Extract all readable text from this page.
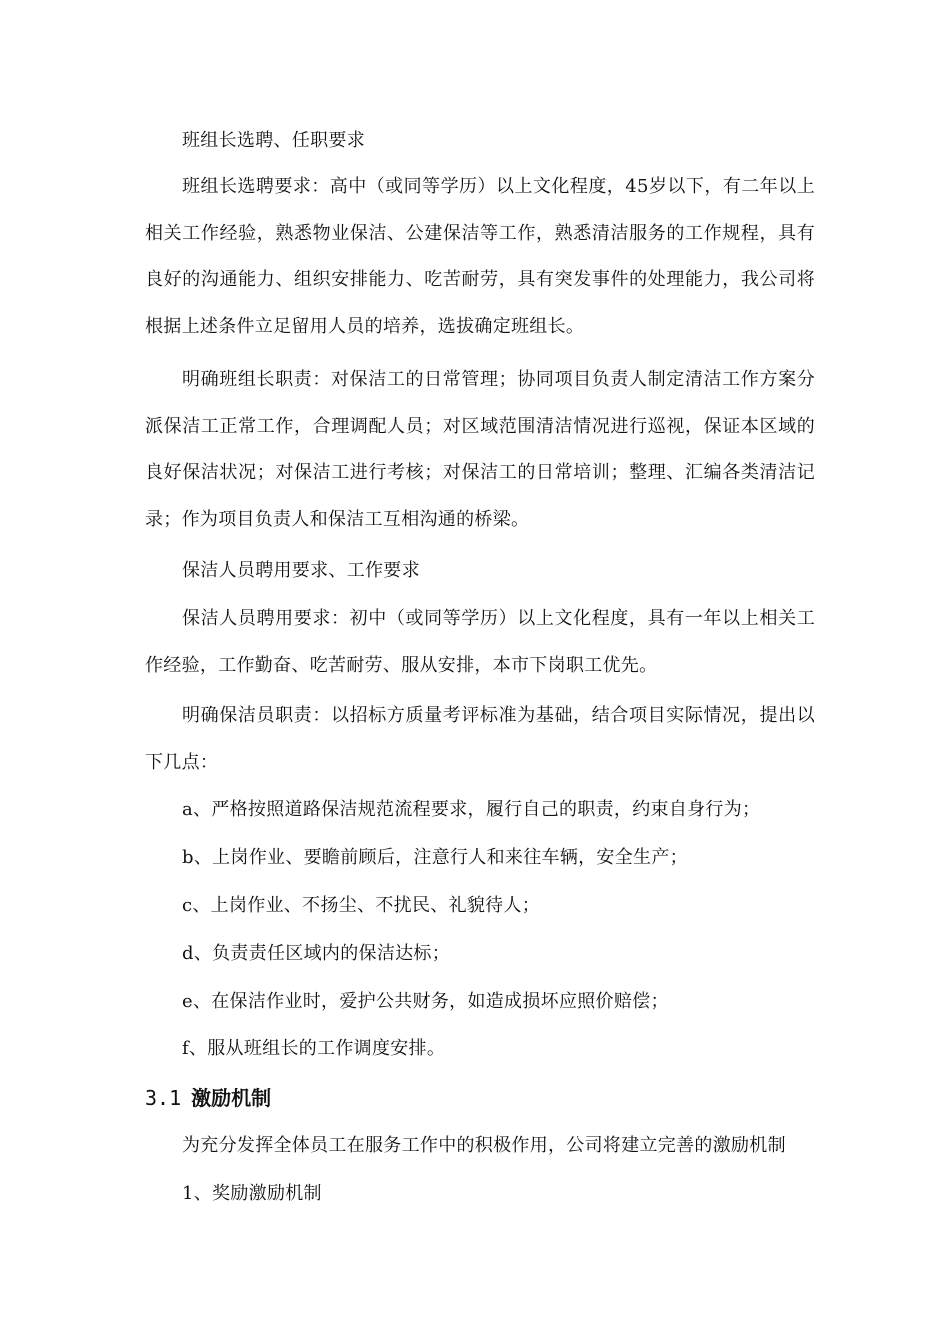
班组长选聘、任职要求

班组长选聘要求：高中（或同等学历）以上文化程度，45岁以下，有二年以上相关工作经验，熟悉物业保洁、公建保洁等工作，熟悉清洁服务的工作规程，具有良好的沟通能力、组织安排能力、吃苦耐劳，具有突发事件的处理能力，我公司将根据上述条件立足留用人员的培养，选拔确定班组长。

明确班组长职责：对保洁工的日常管理；协同项目负责人制定清洁工作方案分派保洁工正常工作，合理调配人员；对区域范围清洁情况进行巡视，保证本区域的良好保洁状况；对保洁工进行考核；对保洁工的日常培训；整理、汇编各类清洁记录；作为项目负责人和保洁工互相沟通的桥梁。

保洁人员聘用要求、工作要求

保洁人员聘用要求：初中（或同等学历）以上文化程度，具有一年以上相关工作经验，工作勤奋、吃苦耐劳、服从安排，本市下岗职工优先。

明确保洁员职责：以招标方质量考评标准为基础，结合项目实际情况，提出以下几点：

a、严格按照道路保洁规范流程要求，履行自己的职责，约束自身行为；

b、上岗作业、要瞻前顾后，注意行人和来往车辆，安全生产；

c、上岗作业、不扬尘、不扰民、礼貌待人；

d、负责责任区域内的保洁达标；

e、在保洁作业时，爱护公共财务，如造成损坏应照价赔偿；

f、服从班组长的工作调度安排。

3.1 激励机制

为充分发挥全体员工在服务工作中的积极作用，公司将建立完善的激励机制

1、奖励激励机制
